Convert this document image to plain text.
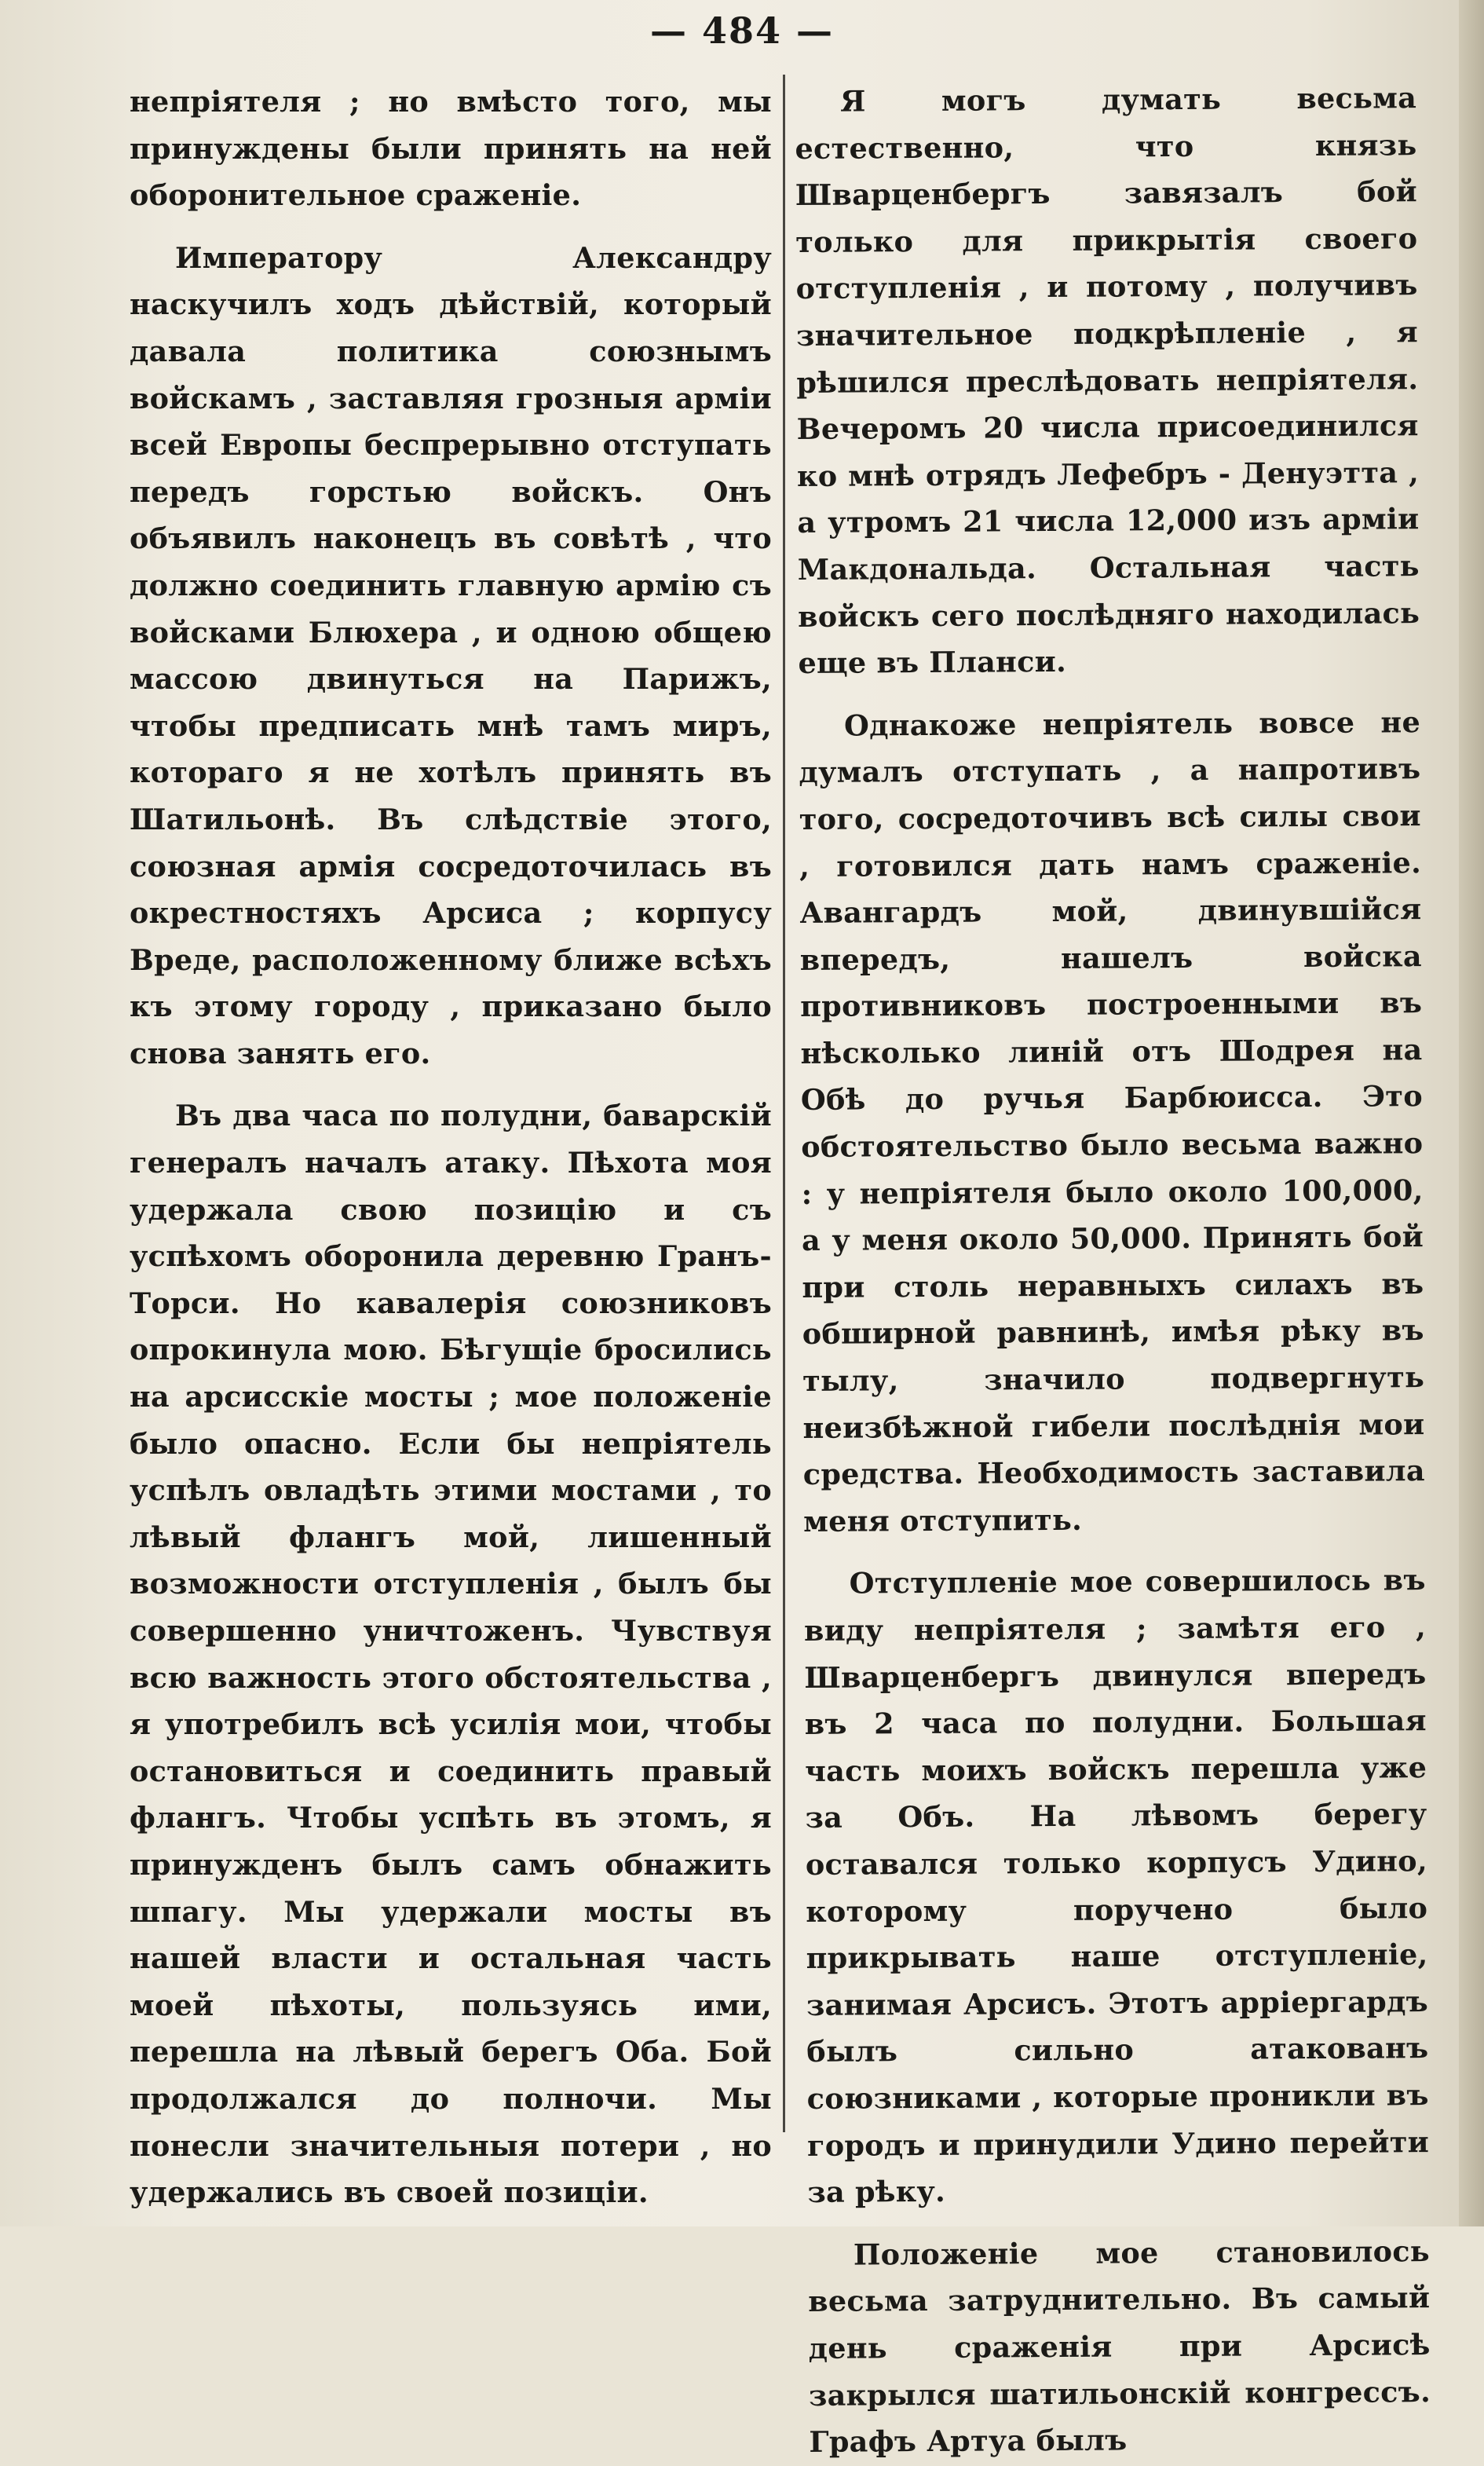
— 484 —

непріятеля ; но вмѣсто того, мы принуждены были принять на ней оборонительное сраженіе.

Императору Александру наскучилъ ходъ дѣйствій, который давала политика союзнымъ войскамъ , заставляя грозныя арміи всей Европы беспрерывно отступать передъ горстью войскъ. Онъ объявилъ наконецъ въ совѣтѣ , что должно соединить главную армію съ войсками Блюхера , и одною общею массою двинуться на Парижъ, чтобы предписать мнѣ тамъ миръ, котораго я не хотѣлъ принять въ Шатильонѣ. Въ слѣдствіе этого, союзная армія сосредоточилась въ окрестностяхъ Арсиса ; корпусу Вреде, расположенному ближе всѣхъ къ этому городу , приказано было снова занять его.

Въ два часа по полудни, баварскій генералъ началъ атаку. Пѣхота моя удержала свою позицію и съ успѣхомъ оборонила деревню Гранъ-Торси. Но кавалерія союзниковъ опрокинула мою. Бѣгущіе бросились на арсисскіе мосты ; мое положеніе было опасно. Если бы непріятель успѣлъ овладѣть этими мостами , то лѣвый флангъ мой, лишенный возможности отступленія , былъ бы совершенно уничтоженъ. Чувствуя всю важность этого обстоятельства , я употребилъ всѣ усилія мои, чтобы остановиться и соединить правый флангъ. Чтобы успѣть въ этомъ, я принужденъ былъ самъ обнажить шпагу. Мы удержали мосты въ нашей власти и остальная часть моей пѣхоты, пользуясь ими, перешла на лѣвый берегъ Оба. Бой продолжался до полночи. Мы понесли значительныя потери , но удержались въ своей позиціи.

Я могъ думать весьма естественно, что князь Шварценбергъ завязалъ бой только для прикрытія своего отступленія , и потому , получивъ значительное подкрѣпленіе , я рѣшился преслѣдовать непріятеля. Вечеромъ 20 числа присоединился ко мнѣ отрядъ Лефебръ - Денуэтта , а утромъ 21 числа 12,000 изъ арміи Макдональда. Остальная часть войскъ сего послѣдняго находилась еще въ Планси.

Однакоже непріятель вовсе не думалъ отступать , а напротивъ того, сосредоточивъ всѣ силы свои , готовился дать намъ сраженіе. Авангардъ мой, двинувшійся впередъ, нашелъ войска противниковъ построенными въ нѣсколько линій отъ Шодрея на Обѣ до ручья Барбюисса. Это обстоятельство было весьма важно : у непріятеля было около 100,000, а у меня около 50,000. Принять бой при столь неравныхъ силахъ въ обширной равнинѣ, имѣя рѣку въ тылу, значило подвергнуть неизбѣжной гибели послѣднія мои средства. Необходимость заставила меня отступить.

Отступленіе мое совершилось въ виду непріятеля ; замѣтя его , Шварценбергъ двинулся впередъ въ 2 часа по полудни. Большая часть моихъ войскъ перешла уже за Объ. На лѣвомъ берегу оставался только корпусъ Удино, которому поручено было прикрывать наше отступленіе, занимая Арсисъ. Этотъ аррiергардъ былъ сильно атакованъ союзниками , которые проникли въ городъ и принудили Удино перейти за рѣку.

Положеніе мое становилось весьма затруднительно. Въ самый день сраженія при Арсисѣ закрылся шатильонскій конгрессъ. Графъ Артуа былъ
